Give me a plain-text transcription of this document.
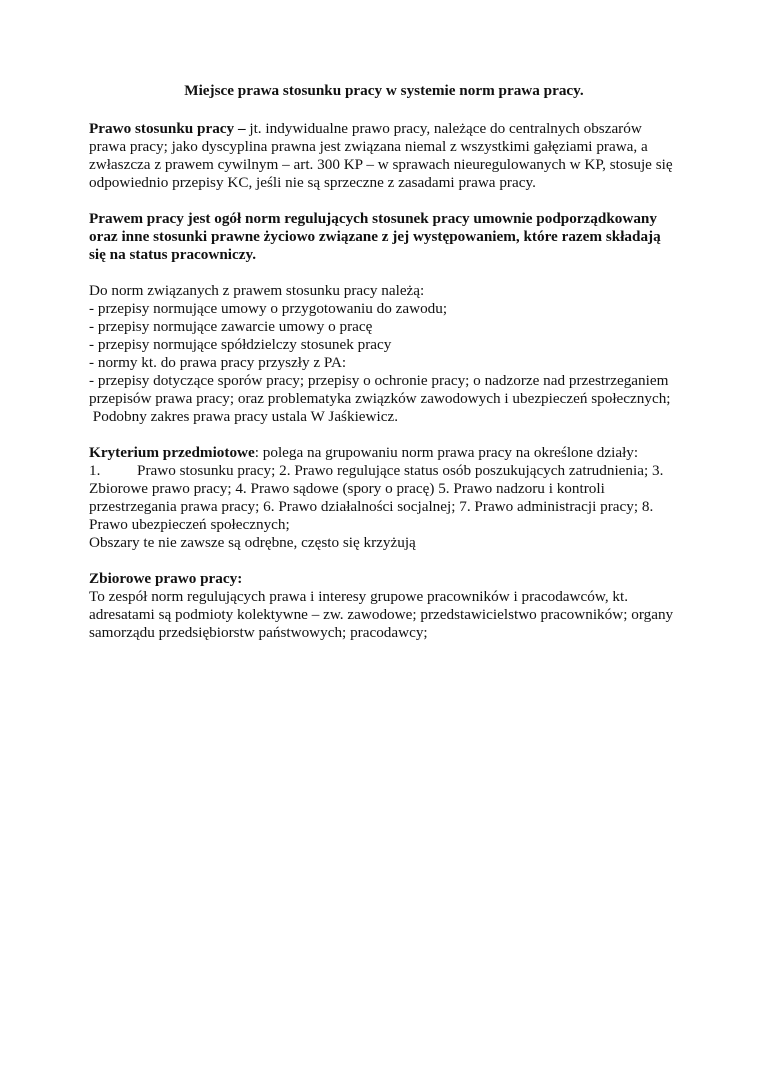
Miejsce prawa stosunku pracy w systemie norm prawa pracy.

Prawo stosunku pracy – jt. indywidualne prawo pracy, należące do centralnych obszarów prawa pracy; jako dyscyplina prawna jest związana niemal z wszystkimi gałęziami prawa, a zwłaszcza z prawem cywilnym – art. 300 KP – w sprawach nieuregulowanych w KP, stosuje się odpowiednio przepisy KC, jeśli nie są sprzeczne z zasadami prawa pracy.

Prawem pracy jest ogół norm regulujących stosunek pracy umownie podporządkowany oraz inne stosunki prawne życiowo związane z jej występowaniem, które razem składają się na status pracowniczy.

Do norm związanych z prawem stosunku pracy należą:
- przepisy normujące umowy o przygotowaniu do zawodu;
- przepisy normujące zawarcie umowy o pracę
- przepisy normujące spółdzielczy stosunek pracy
- normy kt. do prawa pracy przyszły z PA:
- przepisy dotyczące sporów pracy; przepisy o ochronie pracy; o nadzorze nad przestrzeganiem przepisów prawa pracy; oraz problematyka związków zawodowych i ubezpieczeń społecznych;
Podobny zakres prawa pracy ustala W Jaśkiewicz.

Kryterium przedmiotowe: polega na grupowaniu norm prawa pracy na określone działy:
1. Prawo stosunku pracy; 2. Prawo regulujące status osób poszukujących zatrudnienia; 3. Zbiorowe prawo pracy; 4. Prawo sądowe (spory o pracę) 5. Prawo nadzoru i kontroli przestrzegania prawa pracy; 6. Prawo działalności socjalnej; 7. Prawo administracji pracy; 8. Prawo ubezpieczeń społecznych;
Obszary te nie zawsze są odrębne, często się krzyżują

Zbiorowe prawo pracy:
To zespół norm regulujących prawa i interesy grupowe pracowników i pracodawców, kt. adresatami są podmioty kolektywne – zw. zawodowe; przedstawicielstwo pracowników; organy samorządu przedsiębiorstw państwowych; pracodawcy;
